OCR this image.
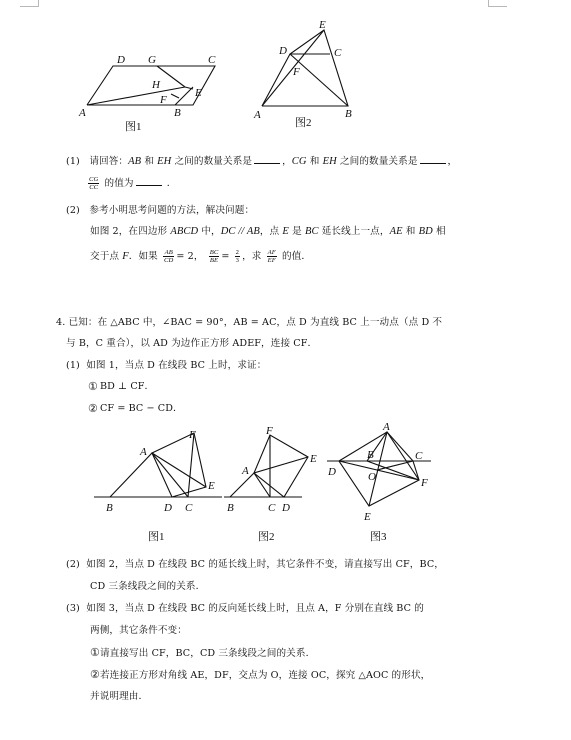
D G	C
H
E
F
A	B
图1
E
D	C
F
A	B
图2
(1) 请回答：AB 和 EH 之间的数量关系是	，CG 和 EH 之间的数量关系是	，
$\frac{CG}{CC}$ 的值为	．
(2) 参考小明思考问题的方法，解决问题：
如图 2，在四边形 ABCD 中，DC // AB，点 E 是 BC 延长线上一点，AE 和 BD 相
交于点 F．如果 $\frac{AB}{CD} = 2$， $\frac{BC}{BE} = \frac{2}{3}$ ，求 $\frac{AF}{EF}$ 的值．
4. 已知：在 △ABC 中，∠BAC = 90°，AB = AC，点 D 为直线 BC 上一动点（点 D 不
与 B，C 重合），以 AD 为边作正方形 ADEF，连接 CF．
(1) 如图 1，当点 D 在线段 BC 上时，求证：
① BD ⊥ CF．
② CF = BC − CD．
F
A
E
B	D C
图1
F
E
A
B	C D
图2
A
B	C
D	O	F
E
图3
(2) 如图 2，当点 D 在线段 BC 的延长线上时，其它条件不变，请直接写出 CF，BC，
CD 三条线段之间的关系．
(3) 如图 3，当点 D 在线段 BC 的反向延长线上时，且点 A，F 分别在直线 BC 的
两侧，其它条件不变：
①请直接写出 CF，BC，CD 三条线段之间的关系．
②若连接正方形对角线 AE，DF，交点为 O，连接 OC，探究 △AOC 的形状，
并说明理由．
